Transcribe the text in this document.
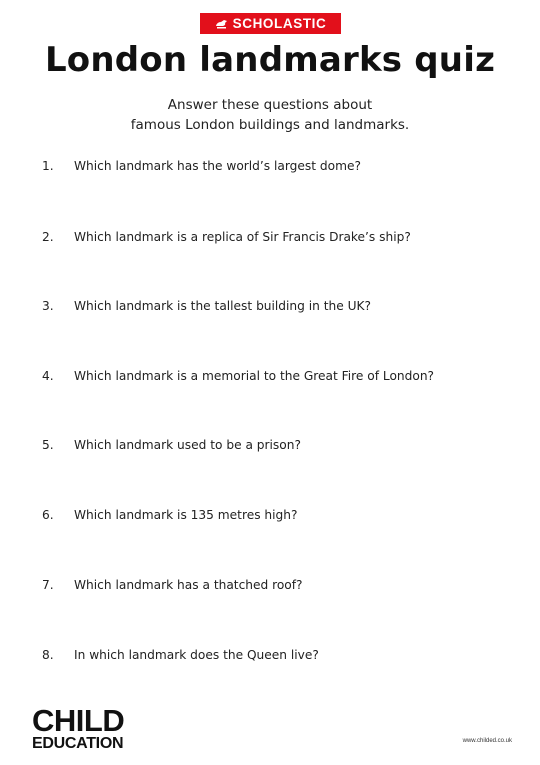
SCHOLASTIC
London landmarks quiz
Answer these questions about
famous London buildings and landmarks.
1. Which landmark has the world’s largest dome?
2. Which landmark is a replica of Sir Francis Drake’s ship?
3. Which landmark is the tallest building in the UK?
4. Which landmark is a memorial to the Great Fire of London?
5. Which landmark used to be a prison?
6. Which landmark is 135 metres high?
7. Which landmark has a thatched roof?
8. In which landmark does the Queen live?
CHILD
EDUCATION	www.childed.co.uk
